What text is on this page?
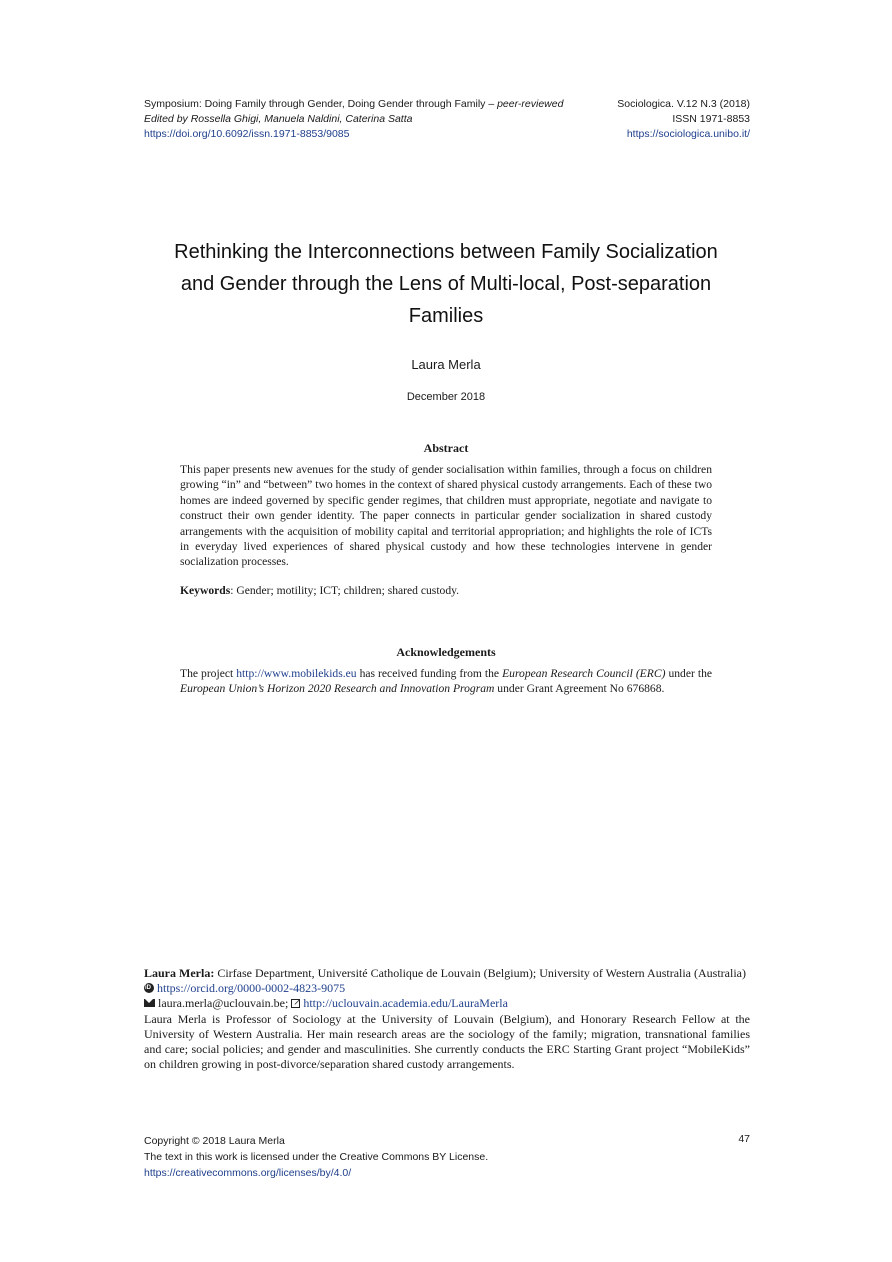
Symposium: Doing Family through Gender, Doing Gender through Family – peer-reviewed
Edited by Rossella Ghigi, Manuela Naldini, Caterina Satta
https://doi.org/10.6092/issn.1971-8853/9085
Sociologica. V.12 N.3 (2018)
ISSN 1971-8853
https://sociologica.unibo.it/
Rethinking the Interconnections between Family Socialization
and Gender through the Lens of Multi-local, Post-separation
Families
Laura Merla
December 2018
Abstract

This paper presents new avenues for the study of gender socialisation within families, through a focus on children growing “in” and “between” two homes in the context of shared physical custody arrangements. Each of these two homes are indeed governed by specific gender regimes, that children must appropriate, negotiate and navigate to construct their own gender identity. The paper connects in particular gender socialization in shared custody arrangements with the acquisition of mobility capital and territorial appropriation; and highlights the role of ICTs in everyday lived experiences of shared physical custody and how these technologies intervene in gender socialization processes.

Keywords: Gender; motility; ICT; children; shared custody.
Acknowledgements

The project http://www.mobilekids.eu has received funding from the European Research Council (ERC) under the European Union’s Horizon 2020 Research and Innovation Program under Grant Agreement No 676868.

Laura Merla: Cirfase Department, Université Catholique de Louvain (Belgium); University of Western Australia (Australia)

iDhttps://orcid.org/0000-0002-4823-9075

laura.merla@uclouvain.be; ↗http://uclouvain.academia.edu/LauraMerla

Laura Merla is Professor of Sociology at the University of Louvain (Belgium), and Honorary Research Fellow at the University of Western Australia. Her main research areas are the sociology of the family; migration, transnational families and care; social policies; and gender and masculinities. She currently conducts the ERC Starting Grant project “MobileKids” on children growing in post-divorce/separation shared custody arrangements.

Copyright © 2018 Laura Merla
The text in this work is licensed under the Creative Commons BY License.
https://creativecommons.org/licenses/by/4.0/
47
